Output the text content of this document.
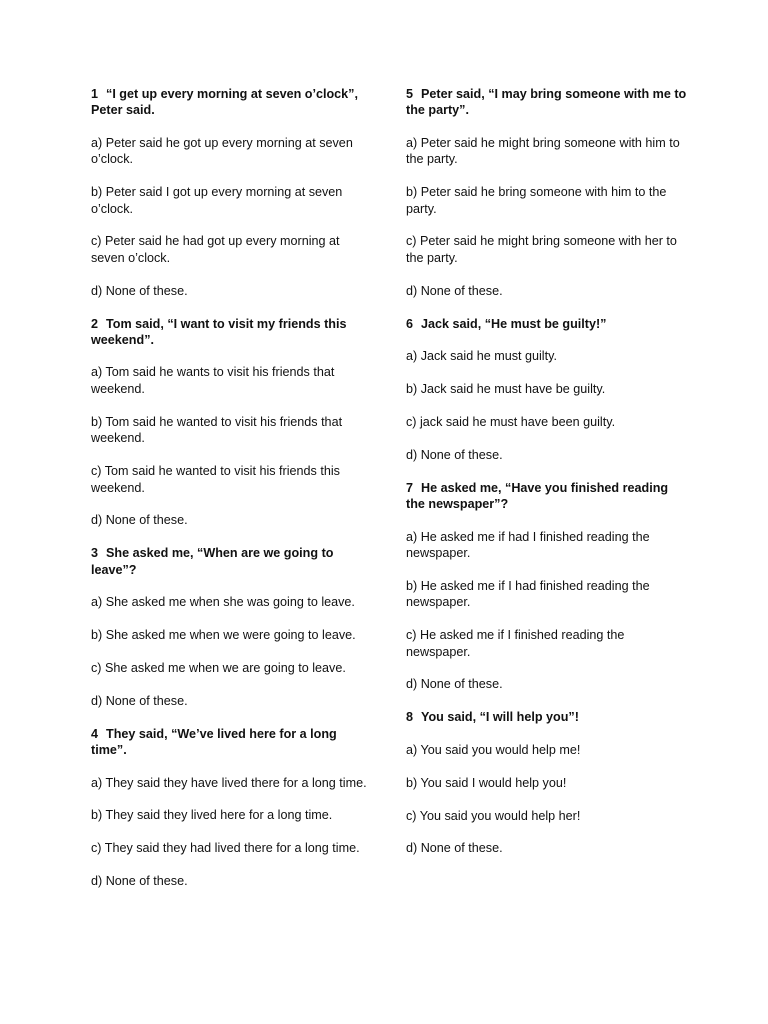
1 “I get up every morning at seven o’clock”, Peter said.
a) Peter said he got up every morning at seven o’clock.
b) Peter said I got up every morning at seven o’clock.
c) Peter said he had got up every morning at seven o’clock.
d) None of these.
2 Tom said, “I want to visit my friends this weekend”.
a) Tom said he wants to visit his friends that weekend.
b) Tom said he wanted to visit his friends that weekend.
c) Tom said he wanted to visit his friends this weekend.
d) None of these.
3 She asked me, “When are we going to leave”?
a) She asked me when she was going to leave.
b) She asked me when we were going to leave.
c) She asked me when we are going to leave.
d) None of these.
4 They said, “We’ve lived here for a long time”.
a) They said they have lived there for a long time.
b) They said they lived here for a long time.
c) They said they had lived there for a long time.
d) None of these.
5 Peter said, “I may bring someone with me to the party”.
a) Peter said he might bring someone with him to the party.
b) Peter said he bring someone with him to the party.
c) Peter said he might bring someone with her to the party.
d) None of these.
6 Jack said, “He must be guilty!”
a) Jack said he must guilty.
b) Jack said he must have be guilty.
c) jack said he must have been guilty.
d) None of these.
7 He asked me, “Have you finished reading the newspaper”?
a) He asked me if had I finished reading the newspaper.
b) He asked me if I had finished reading the newspaper.
c) He asked me if I finished reading the newspaper.
d) None of these.
8 You said, “I will help you”!
a) You said you would help me!
b) You said I would help you!
c) You said you would help her!
d) None of these.
